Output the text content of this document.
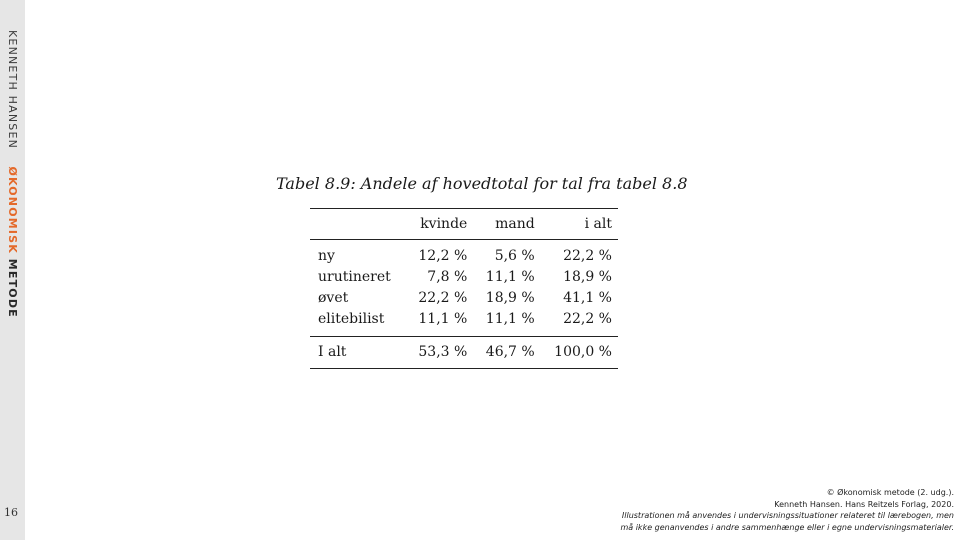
KENNETH HANSEN  ØKONOMISK METODE
16
Tabel 8.9: Andele af hovedtotal for tal fra tabel 8.8
	kvinde	mand	i alt
ny	12,2 %	5,6 %	22,2 %
urutineret	7,8 %	11,1 %	18,9 %
øvet	22,2 %	18,9 %	41,1 %
elitebilist	11,1 %	11,1 %	22,2 %
I alt	53,3 %	46,7 %	100,0 %
© Økonomisk metode (2. udg.).
Kenneth Hansen. Hans Reitzels Forlag, 2020.
Illustrationen må anvendes i undervisningssituationer relateret til lærebogen, men
må ikke genanvendes i andre sammenhænge eller i egne undervisningsmaterialer.
